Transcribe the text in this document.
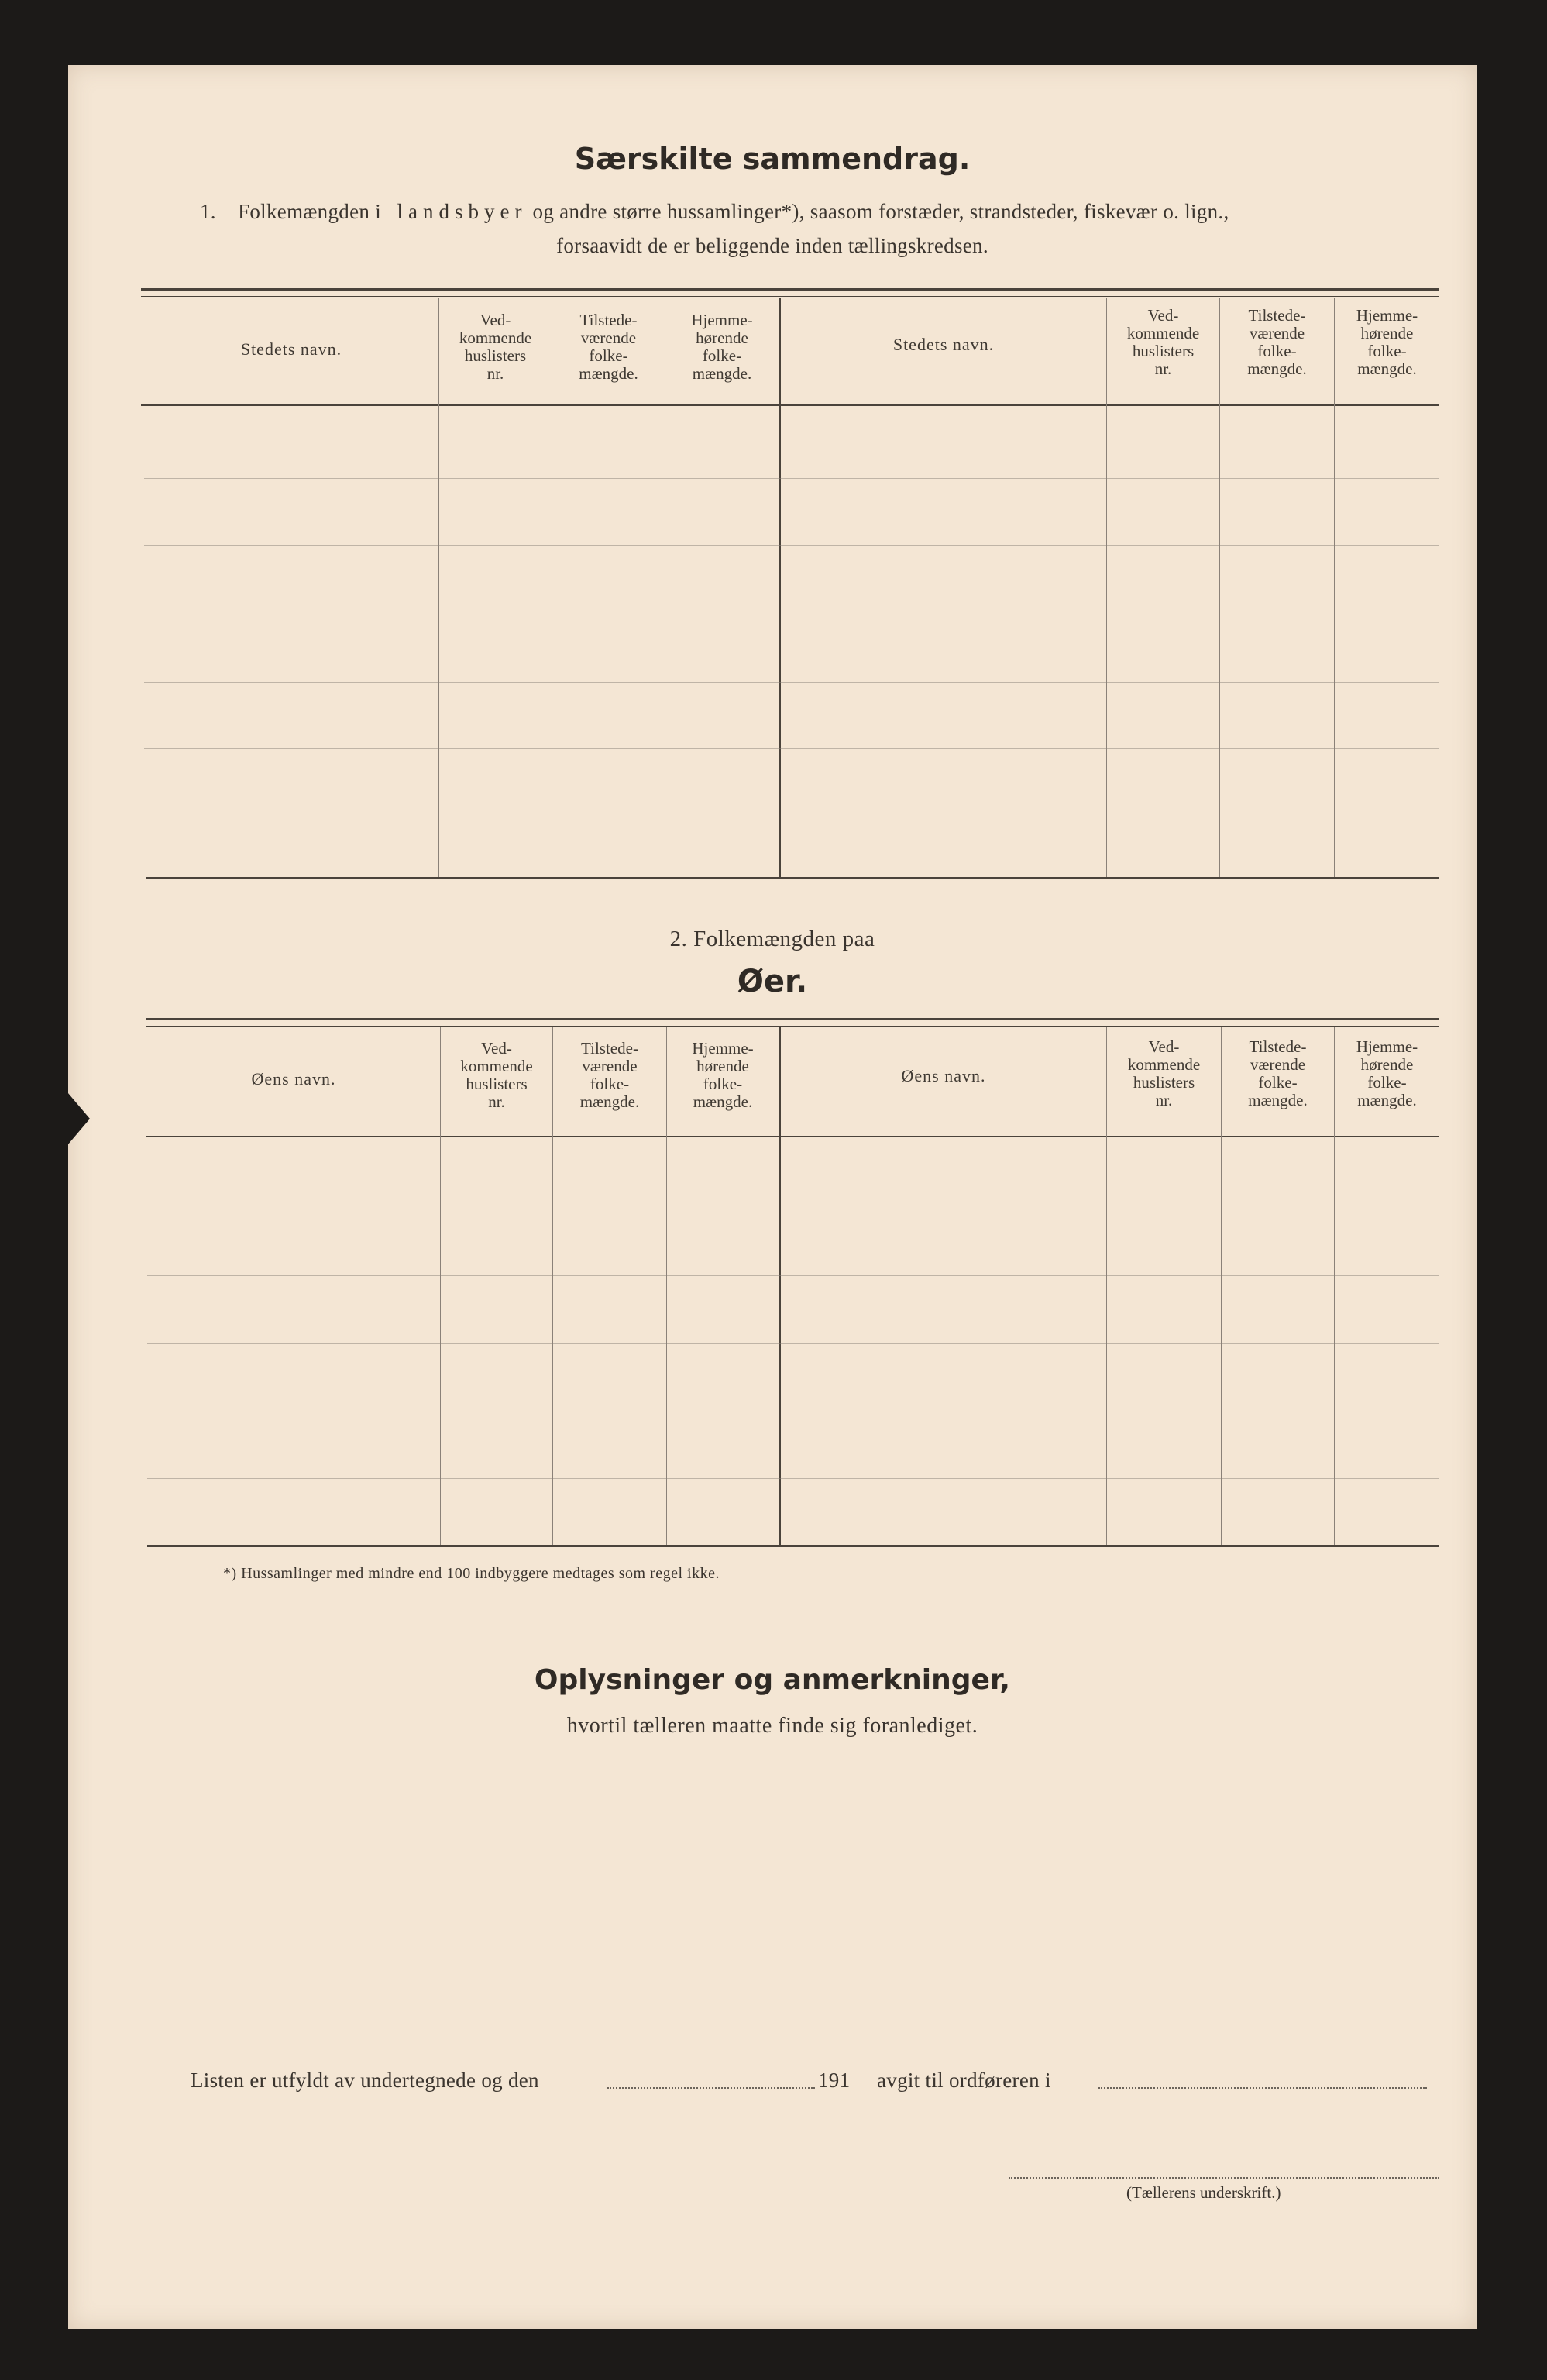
Særskilte sammendrag.
1. Folkemængden i landsbyer og andre større hussamlinger*), saasom forstæder, strandsteder, fiskevær o. lign.,
forsaavidt de er beliggende inden tællingskredsen.
Stedets navn.
Ved-
kommende
huslisters
nr.
Tilstede-
værende
folke-
mængde.
Hjemme-
hørende
folke-
mængde.
Stedets navn.
Ved-
kommende
huslisters
nr.
Tilstede-
værende
folke-
mængde.
Hjemme-
hørende
folke-
mængde.
2. Folkemængden paa
Øer.
Øens navn.
Ved-
kommende
huslisters
nr.
Tilstede-
værende
folke-
mængde.
Hjemme-
hørende
folke-
mængde.
Øens navn.
Ved-
kommende
huslisters
nr.
Tilstede-
værende
folke-
mængde.
Hjemme-
hørende
folke-
mængde.
*) Hussamlinger med mindre end 100 indbyggere medtages som regel ikke.
Oplysninger og anmerkninger,
hvortil tælleren maatte finde sig foranlediget.
Listen er utfyldt av undertegnede og den	191 avgit til ordføreren i
(Tællerens underskrift.)
